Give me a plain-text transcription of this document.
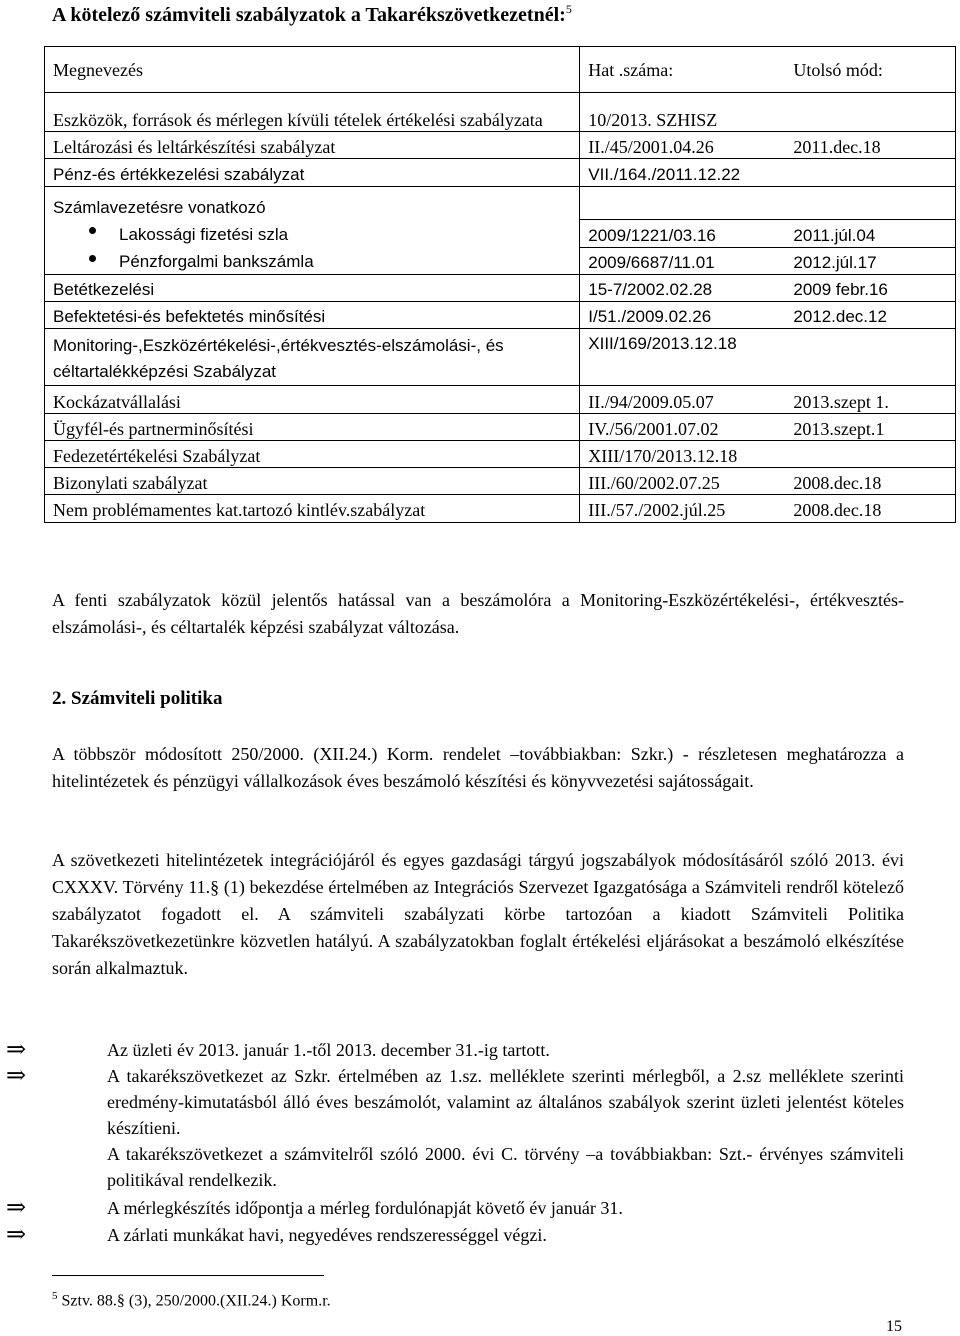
A kötelező számviteli szabályzatok a Takarékszövetkezetnél:$^5$
Megnevezés	Hat .száma:	Utolsó mód:

Eszközök, források és mérlegen kívüli tételek értékelési szabályzata	10/2013. SZHISZ	
Leltározási és leltárkészítési szabályzat	II./45/2001.04.26	2011.dec.18
Pénz-és értékkezelési szabályzat	VII./164./2011.12.22	
Számlavezetésre vonatkozó		

Lakossági fizetési szla	2009/1221/03.16	2011.júl.04

Pénzforgalmi bankszámla	2009/6687/11.01	2012.júl.17
Betétkezelési	15-7/2002.02.28	2009 febr.16
Befektetési-és befektetés minősítési	I/51./2009.02.26	2012.dec.12

Monitoring-,Eszközértékelési-,értékvesztés-elszámolási-, és céltartalékképzési Szabályzat	XIII/169/2013.12.18	
Kockázatvállalási	II./94/2009.05.07	2013.szept 1.
Ügyfél-és partnerminősítési	IV./56/2001.07.02	2013.szept.1
Fedezetértékelési Szabályzat	XIII/170/2013.12.18	
Bizonylati szabályzat	III./60/2002.07.25	2008.dec.18
Nem problémamentes kat.tartozó kintlév.szabályzat	III./57./2002.júl.25	2008.dec.18
A fenti szabályzatok közül jelentős hatással van a beszámolóra a Monitoring-Eszközértékelési-, értékvesztés-elszámolási-, és céltartalék képzési szabályzat változása.
2. Számviteli politika
A többször módosított 250/2000. (XII.24.) Korm. rendelet –továbbiakban: Szkr.) - részletesen meghatározza a hitelintézetek és pénzügyi vállalkozások éves beszámoló készítési és könyvvezetési sajátosságait.
A szövetkezeti hitelintézetek integrációjáról és egyes gazdasági tárgyú jogszabályok módosításáról szóló 2013. évi CXXXV. Törvény 11.§ (1) bekezdése értelmében az Integrációs Szervezet Igazgatósága a Számviteli rendről kötelező szabályzatot fogadott el. A számviteli szabályzati körbe tartozóan a kiadott Számviteli Politika Takarékszövetkezetünkre közvetlen hatályú. A szabályzatokban foglalt értékelési eljárásokat a beszámoló elkészítése során alkalmaztuk.
⇒	Az üzleti év 2013. január 1.-től 2013. december 31.-ig tartott.
⇒	A takarékszövetkezet az Szkr. értelmében az 1.sz. melléklete szerinti mérlegből, a 2.sz melléklete szerinti eredmény-kimutatásból álló éves beszámolót, valamint az általános szabályok szerint üzleti jelentést köteles készítieni.
A takarékszövetkezet a számvitelről szóló 2000. évi C. törvény –a továbbiakban: Szt.- érvényes számviteli politikával rendelkezik.
⇒	A mérlegkészítés időpontja a mérleg fordulónapját követő év január 31.
⇒	A zárlati munkákat havi, negyedéves rendszerességgel végzi.
$^5$ Sztv. 88.§ (3), 250/2000.(XII.24.) Korm.r.
15
